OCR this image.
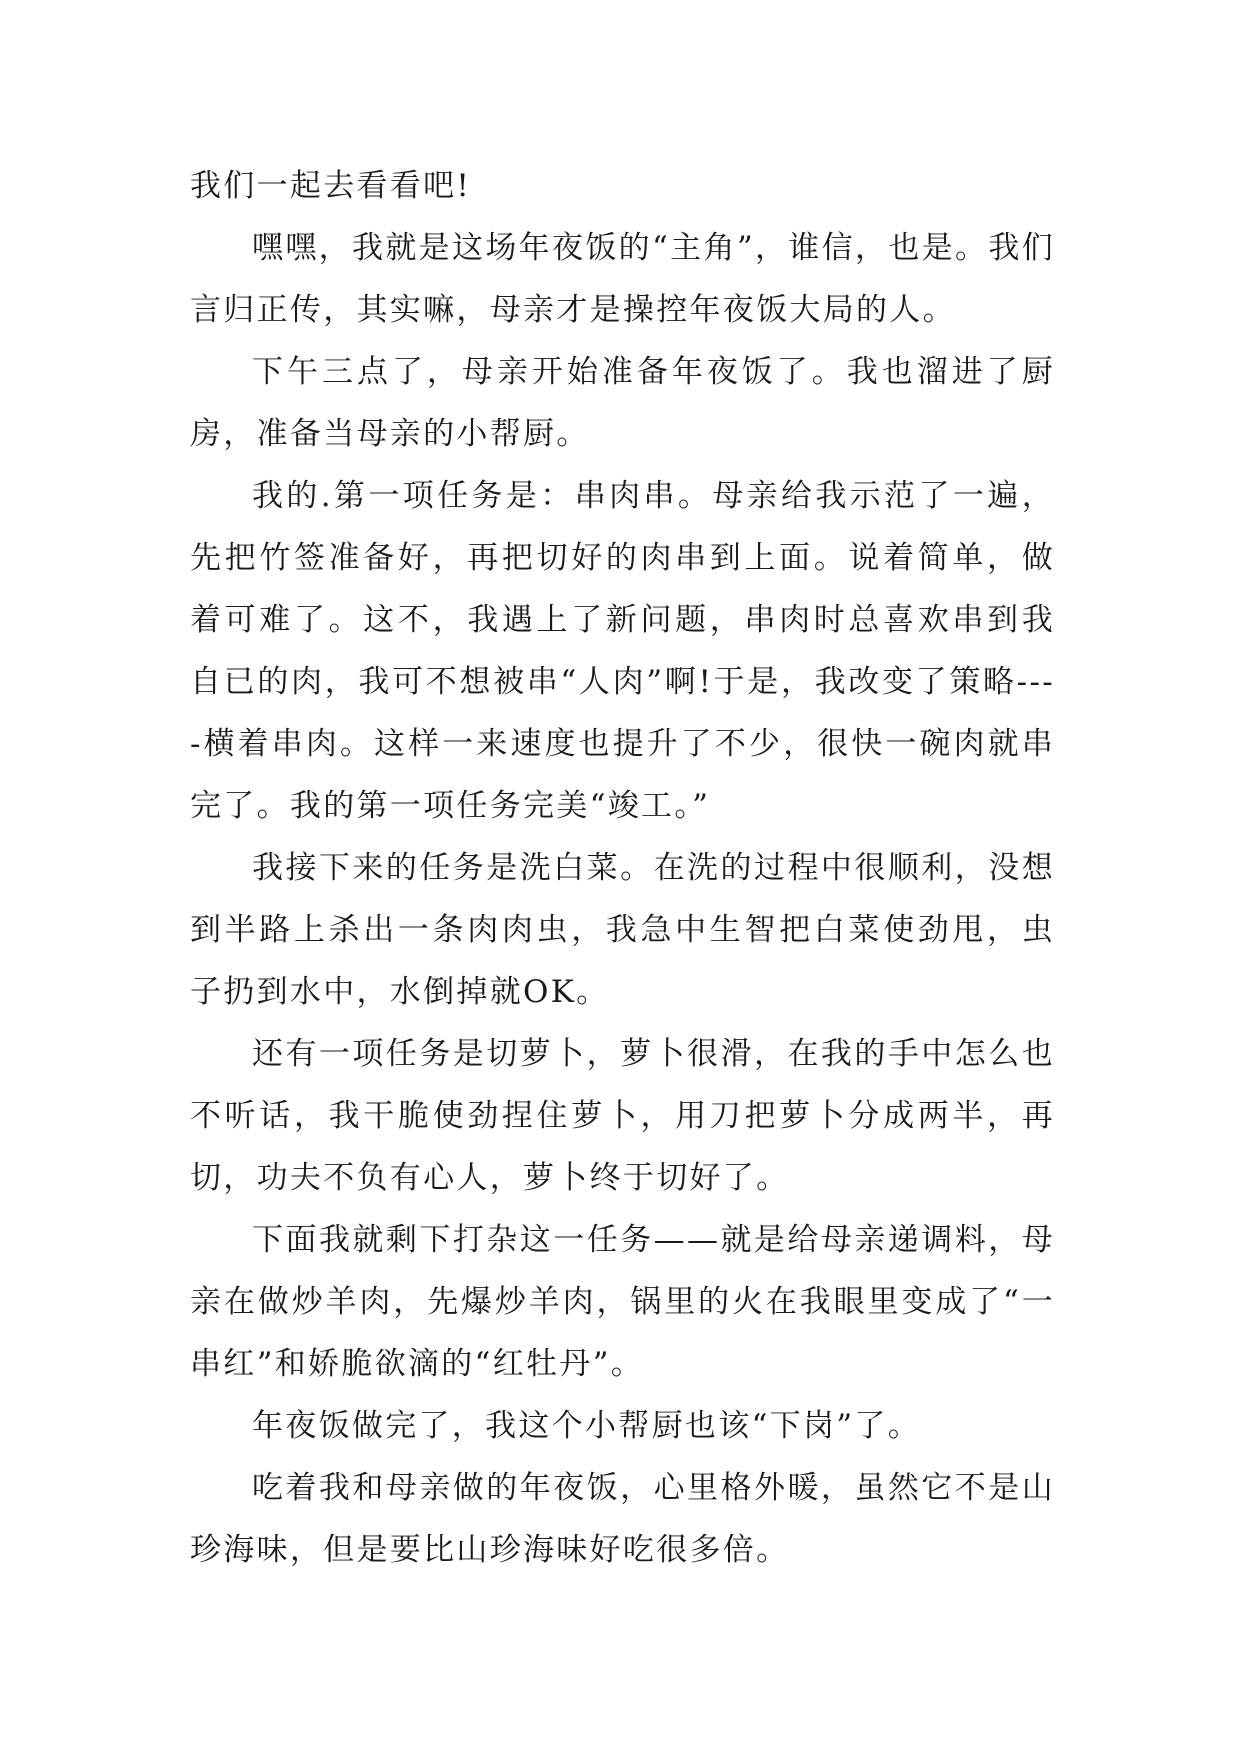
我们一起去看看吧!

嘿嘿，我就是这场年夜饭的“主角”，谁信，也是。我们言归正传，其实嘛，母亲才是操控年夜饭大局的人。

下午三点了，母亲开始准备年夜饭了。我也溜进了厨房，准备当母亲的小帮厨。

我的.第一项任务是：串肉串。母亲给我示范了一遍，先把竹签准备好，再把切好的肉串到上面。说着简单，做着可难了。这不，我遇上了新问题，串肉时总喜欢串到我自已的肉，我可不想被串“人肉”啊!于是，我改变了策略----横着串肉。这样一来速度也提升了不少，很快一碗肉就串完了。我的第一项任务完美“竣工。”

我接下来的任务是洗白菜。在洗的过程中很顺利，没想到半路上杀出一条肉肉虫，我急中生智把白菜使劲甩，虫子扔到水中，水倒掉就OK。

还有一项任务是切萝卜，萝卜很滑，在我的手中怎么也不听话，我干脆使劲捏住萝卜，用刀把萝卜分成两半，再切，功夫不负有心人，萝卜终于切好了。

下面我就剩下打杂这一任务——就是给母亲递调料，母亲在做炒羊肉，先爆炒羊肉，锅里的火在我眼里变成了“一串红”和娇脆欲滴的“红牡丹”。

年夜饭做完了，我这个小帮厨也该“下岗”了。

吃着我和母亲做的年夜饭，心里格外暖，虽然它不是山珍海味，但是要比山珍海味好吃很多倍。
